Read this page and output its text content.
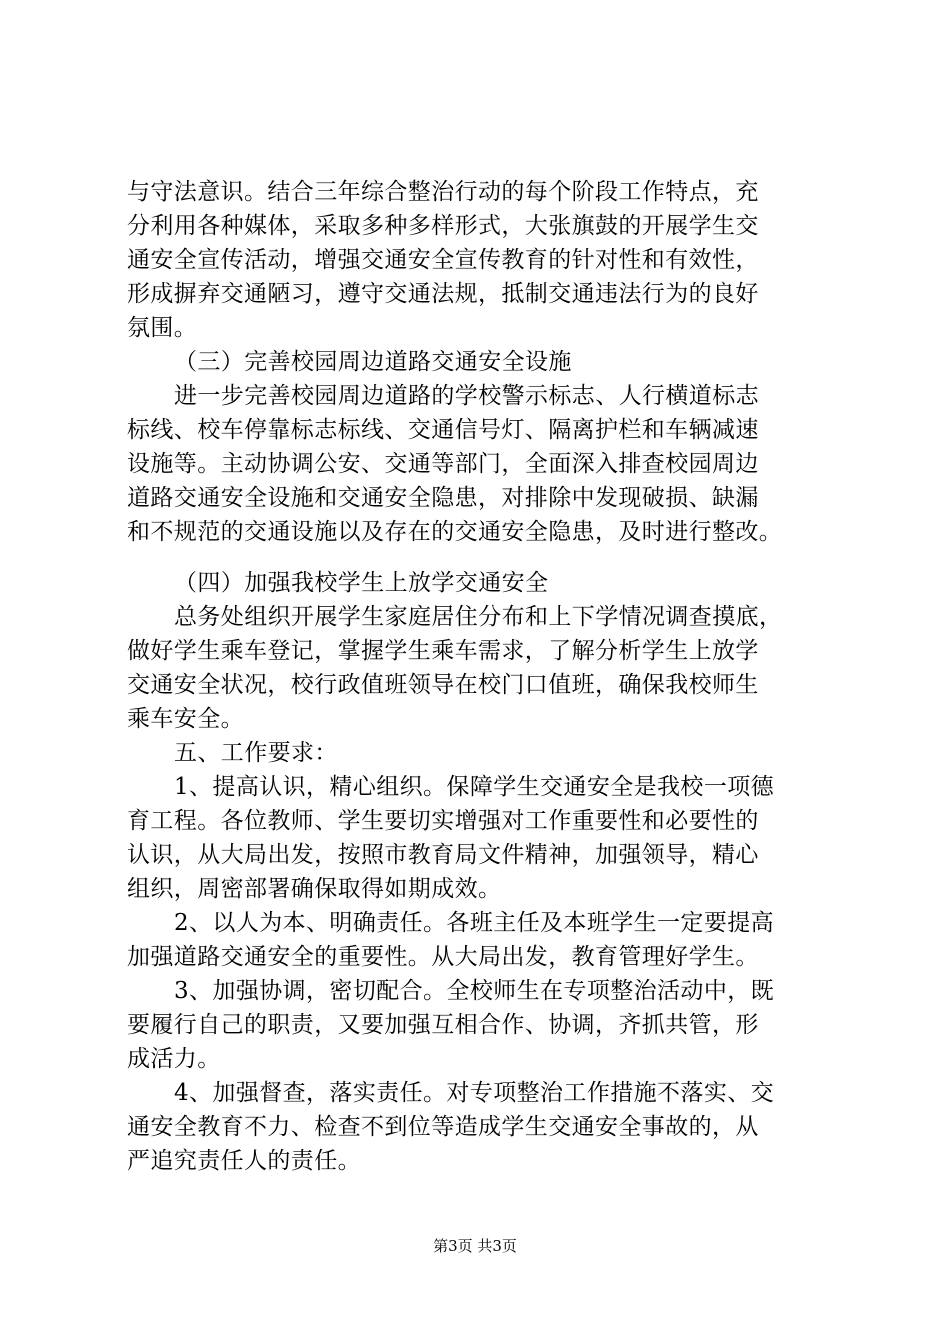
与守法意识。结合三年综合整治行动的每个阶段工作特点，充
分利用各种媒体，采取多种多样形式，大张旗鼓的开展学生交
通安全宣传活动，增强交通安全宣传教育的针对性和有效性，
形成摒弃交通陋习，遵守交通法规，抵制交通违法行为的良好
氛围。
（三）完善校园周边道路交通安全设施
进一步完善校园周边道路的学校警示标志、人行横道标志
标线、校车停靠标志标线、交通信号灯、隔离护栏和车辆减速
设施等。主动协调公安、交通等部门，全面深入排查校园周边
道路交通安全设施和交通安全隐患，对排除中发现破损、缺漏
和不规范的交通设施以及存在的交通安全隐患，及时进行整改。
（四）加强我校学生上放学交通安全
总务处组织开展学生家庭居住分布和上下学情况调查摸底，
做好学生乘车登记，掌握学生乘车需求，了解分析学生上放学
交通安全状况，校行政值班领导在校门口值班，确保我校师生
乘车安全。
五、工作要求：
1、提高认识，精心组织。保障学生交通安全是我校一项德
育工程。各位教师、学生要切实增强对工作重要性和必要性的
认识，从大局出发，按照市教育局文件精神，加强领导，精心
组织，周密部署确保取得如期成效。
2、以人为本、明确责任。各班主任及本班学生一定要提高
加强道路交通安全的重要性。从大局出发，教育管理好学生。
3、加强协调，密切配合。全校师生在专项整治活动中，既
要履行自己的职责，又要加强互相合作、协调，齐抓共管，形
成活力。
4、加强督查，落实责任。对专项整治工作措施不落实、交
通安全教育不力、检查不到位等造成学生交通安全事故的，从
严追究责任人的责任。
第3页 共3页
